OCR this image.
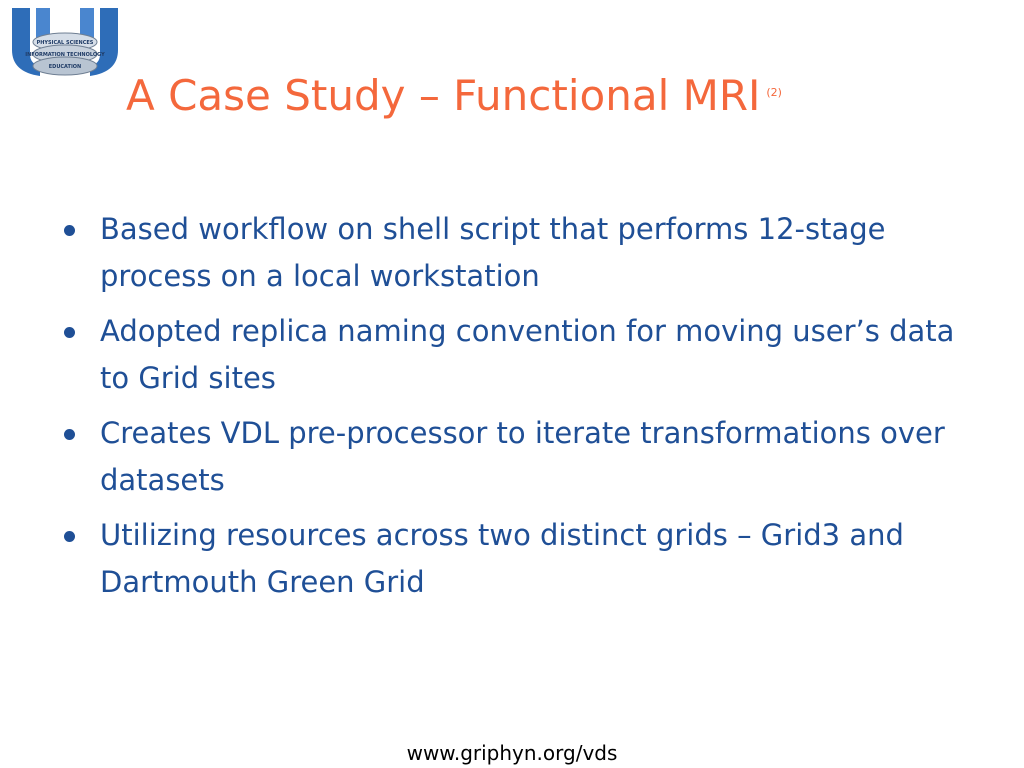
PHYSICAL SCIENCES
INFORMATION TECHNOLOGY
EDUCATION
A Case Study – Functional MRI (2)
Based workflow on shell script that performs 12-stage process on a local workstation
Adopted replica naming convention for moving user’s data to Grid sites
Creates VDL pre-processor to iterate transformations over datasets
Utilizing resources across two distinct grids – Grid3 and Dartmouth Green Grid
www.griphyn.org/vds
